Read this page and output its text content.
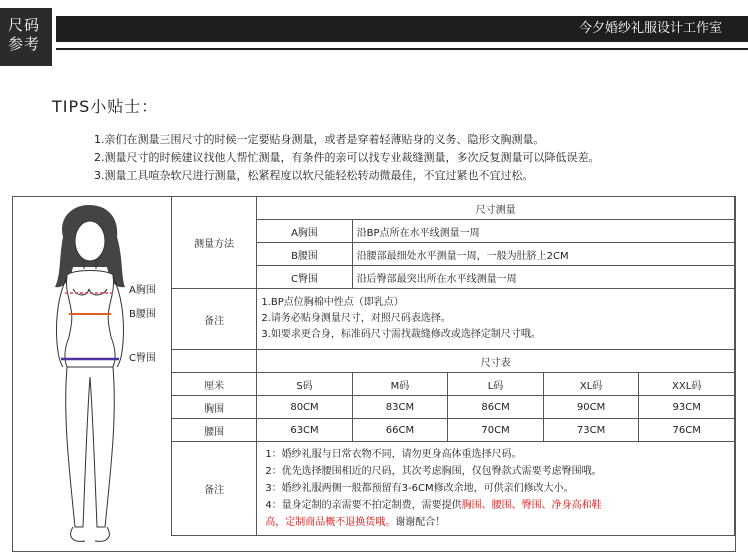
尺码
参考
今夕婚纱礼服设计工作室
TIPS小贴士：
1.亲们在测量三围尺寸的时候一定要贴身测量，或者是穿着轻薄贴身的义务、隐形文胸测量。
2.测量尺寸的时候建议找他人帮忙测量，有条件的亲可以找专业裁缝测量，多次反复测量可以降低误差。
3.测量工具喧杂软尺进行测量，松紧程度以软尺能轻松转动微最佳，不宜过紧也不宜过松。
A胸围
B腰围
C臀围
测量方法	尺寸测量				
	A胸围	沿BP点所在水平线测量一周			
	B腰围	沿腰部最细处水平测量一周，一般为肚脐上2CM			
	C臀围	沿后臀部最突出所在水平线测量一周			
备注	1.BP点位胸棉中性点（即乳点）
2.请务必贴身测量尺寸，对照尺码表选择。
3.如要求更合身，标准码尺寸需找裁缝修改或选择定制尺寸哦。				

	尺寸表				
厘米	S码	M码	L码	XL码	XXL码
胸围	80CM	83CM	86CM	90CM	93CM
腰围	63CM	66CM	70CM	73CM	76CM
备注	1：婚纱礼服与日常衣物不同，请勿更身高体重选择尺码。
2：优先选择腰围相近的尺码，其次考虑胸围，仅包臀款式需要考虑臀围哦。
3：婚纱礼服两侧一般都预留有3-6CM修改余地，可供亲们修改大小。
4：量身定制的亲需要不拍定制费，需要提供胸围、腰围、臀围、净身高和鞋
高，定制商品概不退换货哦。谢谢配合！				
